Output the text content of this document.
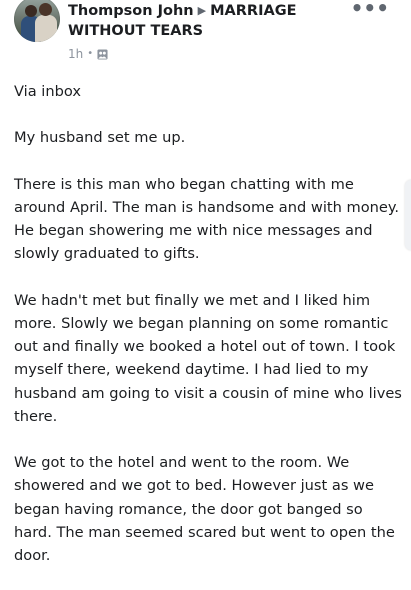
Thompson John ▶ MARRIAGE WITHOUT TEARS
1h •
•••

Via inbox

My husband set me up.

There is this man who began chatting with me around April. The man is handsome and with money. He began showering me with nice messages and slowly graduated to gifts.

We hadn't met but finally we met and I liked him more. Slowly we began planning on some romantic out and finally we booked a hotel out of town. I took myself there, weekend daytime. I had lied to my husband am going to visit a cousin of mine who lives there.

We got to the hotel and went to the room. We showered and we got to bed. However just as we began having romance, the door got banged so hard. The man seemed scared but went to open the door.
